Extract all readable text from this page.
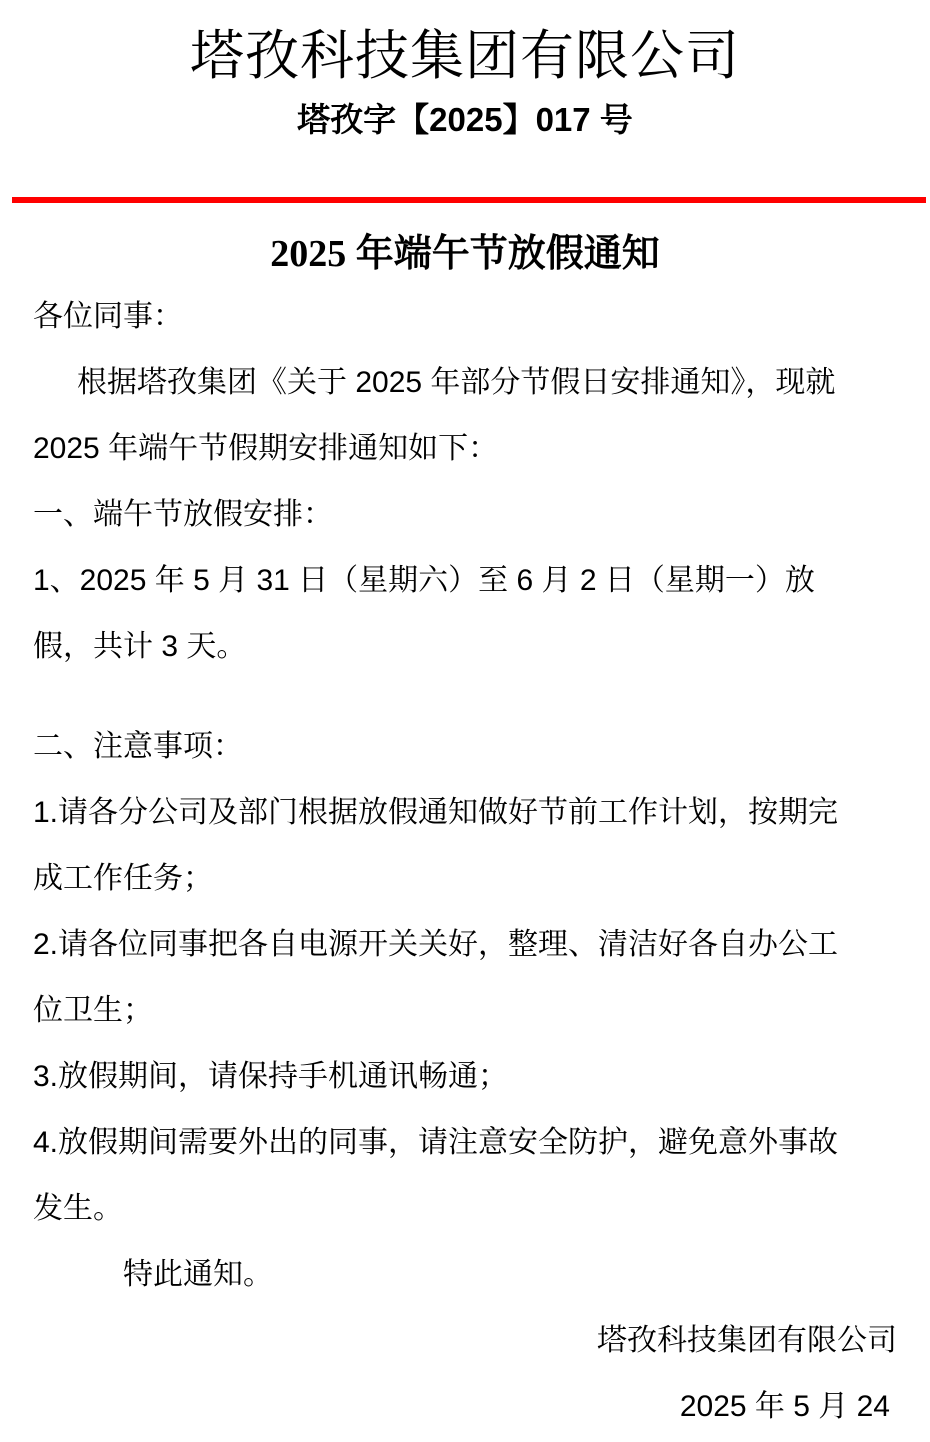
塔孜科技集团有限公司
塔孜字【2025】017 号
2025 年端午节放假通知

各位同事：

根据塔孜集团《关于 2025 年部分节假日安排通知》，现就 2025 年端午节假期安排通知如下：

一、端午节放假安排：

1、2025 年 5 月 31 日（星期六）至 6 月 2 日（星期一）放假，共计 3 天。

二、注意事项：

1.请各分公司及部门根据放假通知做好节前工作计划，按期完成工作任务；

2.请各位同事把各自电源开关关好，整理、清洁好各自办公工位卫生；

3.放假期间，请保持手机通讯畅通；

4.放假期间需要外出的同事，请注意安全防护，避免意外事故发生。

特此通知。

塔孜科技集团有限公司

2025 年 5 月 24
